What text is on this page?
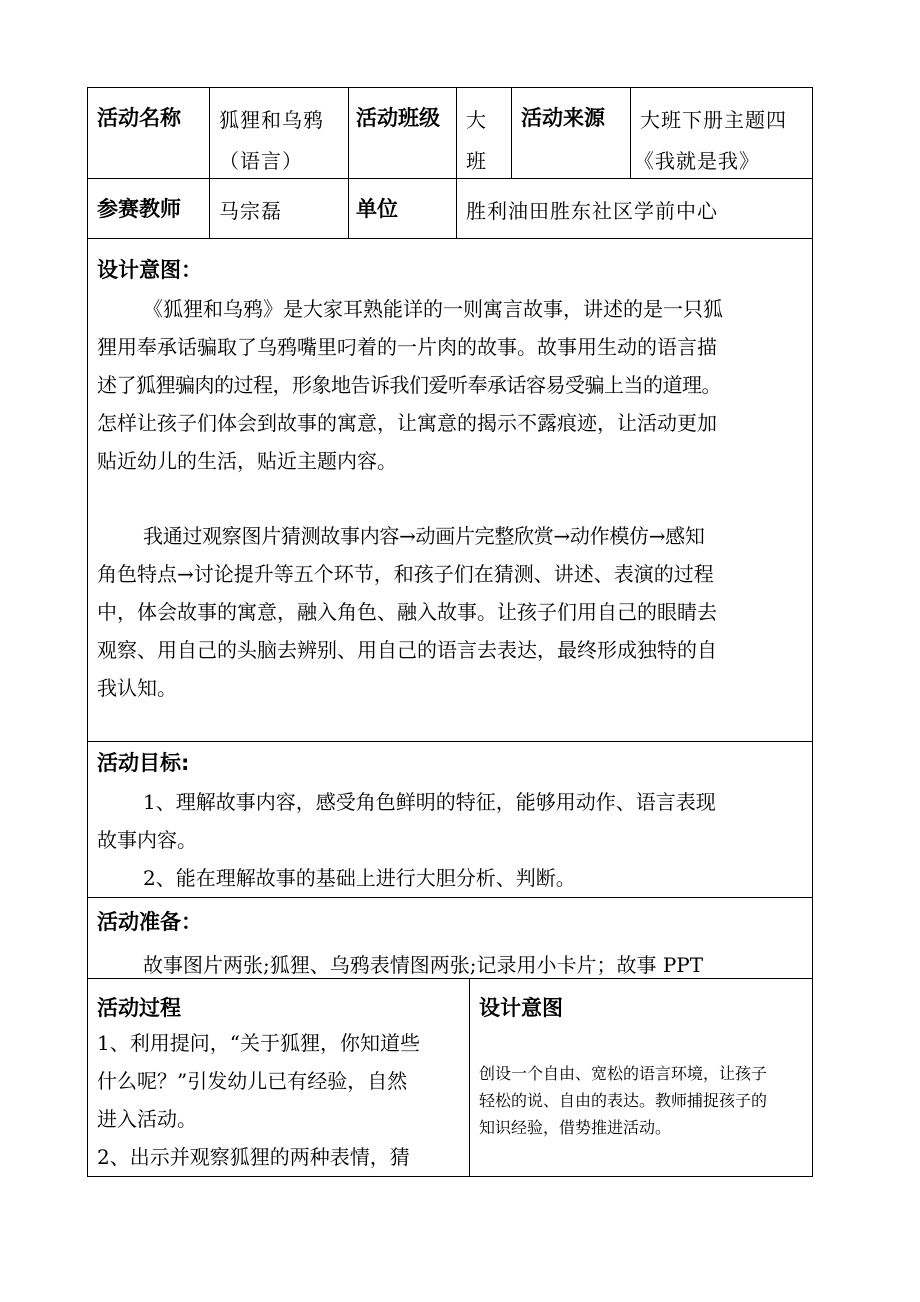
活动名称 狐狸和乌鸦
（语言）
活动班级 大
班
活动来源 大班下册主题四
《我就是我》
参赛教师 马宗磊	单位	胜利油田胜东社区学前中心
设计意图：
《狐狸和乌鸦》是大家耳熟能详的一则寓言故事，讲述的是一只狐
狸用奉承话骗取了乌鸦嘴里叼着的一片肉的故事。故事用生动的语言描
述了狐狸骗肉的过程，形象地告诉我们爱听奉承话容易受骗上当的道理。
怎样让孩子们体会到故事的寓意，让寓意的揭示不露痕迹，让活动更加
贴近幼儿的生活，贴近主题内容。
我通过观察图片猜测故事内容→动画片完整欣赏→动作模仿→感知
角色特点→讨论提升等五个环节，和孩子们在猜测、讲述、表演的过程
中，体会故事的寓意，融入角色、融入故事。让孩子们用自己的眼睛去
观察、用自己的头脑去辨别、用自己的语言去表达，最终形成独特的自
我认知。
活动目标:
1、理解故事内容，感受角色鲜明的特征，能够用动作、语言表现
故事内容。
2、能在理解故事的基础上进行大胆分析、判断。
活动准备：
故事图片两张;狐狸、乌鸦表情图两张;记录用小卡片；故事 PPT
活动过程
1、利用提问，“关于狐狸，你知道些
什么呢？”引发幼儿已有经验，自然
进入活动。
2、出示并观察狐狸的两种表情，猜
设计意图
创设一个自由、宽松的语言环境，让孩子
轻松的说、自由的表达。教师捕捉孩子的
知识经验，借势推进活动。
